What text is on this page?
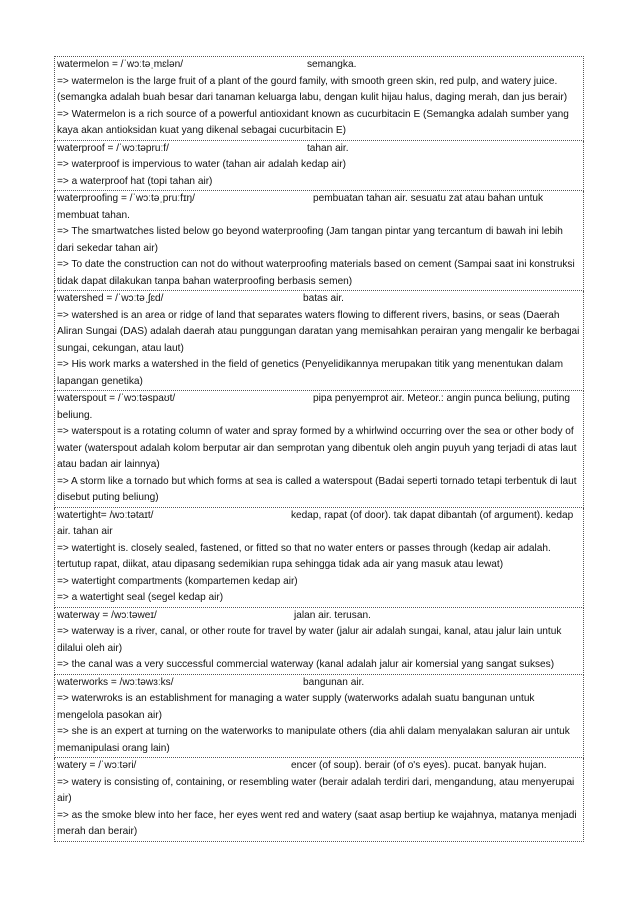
watermelon = /ˈwɔːtəˌmɛlən/	semangka.
=> watermelon is the large fruit of a plant of the gourd family, with smooth green skin, red pulp, and watery juice. (semangka adalah buah besar dari tanaman keluarga labu, dengan kulit hijau halus, daging merah, dan jus berair)
=> Watermelon is a rich source of a powerful antioxidant known as cucurbitacin E (Semangka adalah sumber yang kaya akan antioksidan kuat yang dikenal sebagai cucurbitacin E)
waterproof = /ˈwɔːtəpruːf/	tahan air.
=> waterproof is impervious to water (tahan air adalah kedap air)
=> a waterproof hat (topi tahan air)
waterproofing = /ˈwɔːtəˌpruːfɪŋ/	pembuatan tahan air. sesuatu zat atau bahan untuk membuat tahan.
=> The smartwatches listed below go beyond waterproofing (Jam tangan pintar yang tercantum di bawah ini lebih dari sekedar tahan air)
=> To date the construction can not do without waterproofing materials based on cement (Sampai saat ini konstruksi tidak dapat dilakukan tanpa bahan waterproofing berbasis semen)
watershed = /ˈwɔːtəˌʃɛd/	batas air.
=> watershed is an area or ridge of land that separates waters flowing to different rivers, basins, or seas (Daerah Aliran Sungai (DAS) adalah daerah atau punggungan daratan yang memisahkan perairan yang mengalir ke berbagai sungai, cekungan, atau laut)
=> His work marks a watershed in the field of genetics (Penyelidikannya merupakan titik yang menentukan dalam lapangan genetika)
waterspout = /ˈwɔːtəspaʊt/	pipa penyemprot air. Meteor.: angin punca beliung, puting beliung.
=> waterspout is a rotating column of water and spray formed by a whirlwind occurring over the sea or other body of water (waterspout adalah kolom berputar air dan semprotan yang dibentuk oleh angin puyuh yang terjadi di atas laut atau badan air lainnya)
=> A storm like a tornado but which forms at sea is called a waterspout (Badai seperti tornado tetapi terbentuk di laut disebut puting beliung)
watertight= /wɔːtətaɪt/	kedap, rapat (of door). tak dapat dibantah (of argument). kedap air. tahan air
=> watertight is. closely sealed, fastened, or fitted so that no water enters or passes through (kedap air adalah. tertutup rapat, diikat, atau dipasang sedemikian rupa sehingga tidak ada air yang masuk atau lewat)
=> watertight compartments (kompartemen kedap air)
=> a watertight seal (segel kedap air)
waterway = /wɔːtəweɪ/	jalan air. terusan.
=> waterway is a river, canal, or other route for travel by water (jalur air adalah sungai, kanal, atau jalur lain untuk dilalui oleh air)
=> the canal was a very successful commercial waterway (kanal adalah jalur air komersial yang sangat sukses)
waterworks = /wɔːtəwɜːks/	bangunan air.
=> waterwroks is an establishment for managing a water supply (waterworks adalah suatu bangunan untuk mengelola pasokan air)
=> she is an expert at turning on the waterworks to manipulate others (dia ahli dalam menyalakan saluran air untuk memanipulasi orang lain)
watery = /ˈwɔːtəri/	encer (of soup). berair (of o's eyes). pucat. banyak hujan.
=> watery is consisting of, containing, or resembling water (berair adalah terdiri dari, mengandung, atau menyerupai air)
=> as the smoke blew into her face, her eyes went red and watery (saat asap bertiup ke wajahnya, matanya menjadi merah dan berair)
